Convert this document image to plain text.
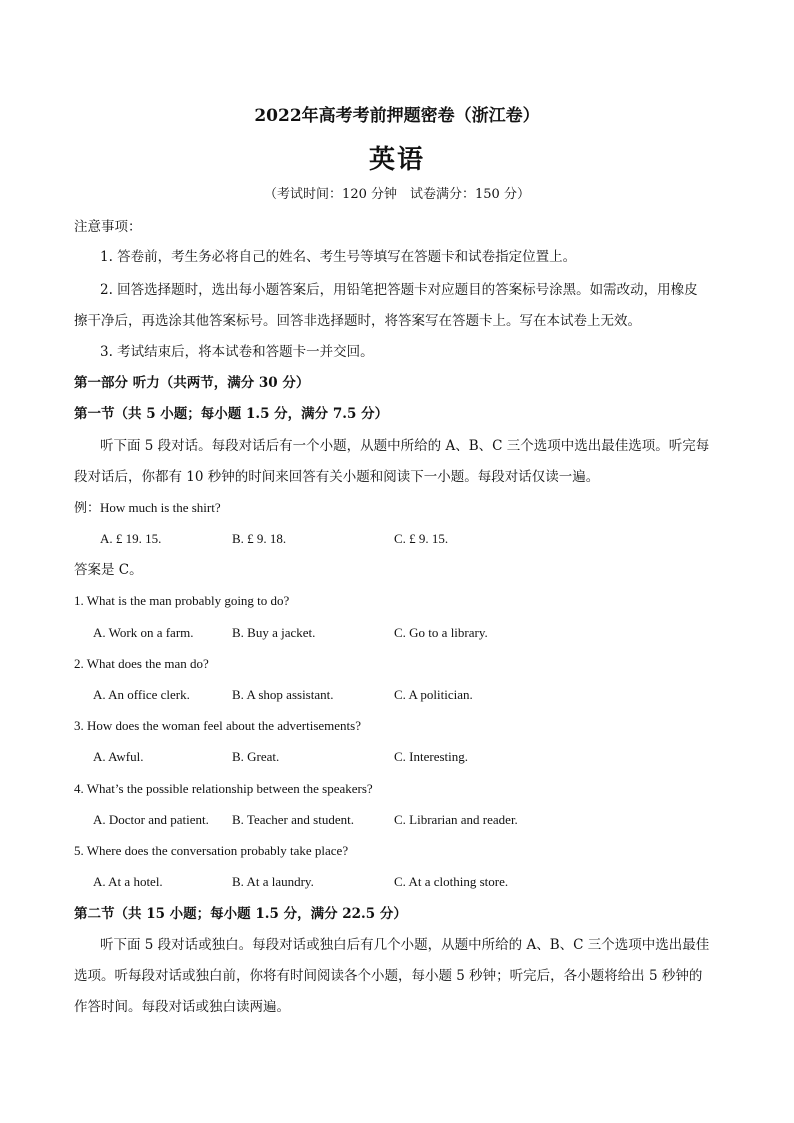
2022年高考考前押题密卷（浙江卷）
英语
（考试时间：120 分钟　试卷满分：150 分）
注意事项：
1. 答卷前，考生务必将自己的姓名、考生号等填写在答题卡和试卷指定位置上。
2. 回答选择题时，选出每小题答案后，用铅笔把答题卡对应题目的答案标号涂黑。如需改动，用橡皮
擦干净后，再选涂其他答案标号。回答非选择题时，将答案写在答题卡上。写在本试卷上无效。
3. 考试结束后，将本试卷和答题卡一并交回。
第一部分 听力（共两节，满分 30 分）
第一节（共 5 小题；每小题 1.5 分，满分 7.5 分）
听下面 5 段对话。每段对话后有一个小题，从题中所给的 A、B、C 三个选项中选出最佳选项。听完每
段对话后，你都有 10 秒钟的时间来回答有关小题和阅读下一小题。每段对话仅读一遍。
例：How much is the shirt?
A. £ 19. 15.	B. £ 9. 18.	C. £ 9. 15.
答案是 C。
1. What is the man probably going to do?
A. Work on a farm.	B. Buy a jacket.	C. Go to a library.
2. What does the man do?
A. An office clerk.	B. A shop assistant.	C. A politician.
3. How does the woman feel about the advertisements?
A. Awful.	B. Great.	C. Interesting.
4. What’s the possible relationship between the speakers?
A. Doctor and patient. B. Teacher and student.	C. Librarian and reader.
5. Where does the conversation probably take place?
A. At a hotel.	B. At a laundry.	C. At a clothing store.
第二节（共 15 小题；每小题 1.5 分，满分 22.5 分）
听下面 5 段对话或独白。每段对话或独白后有几个小题，从题中所给的 A、B、C 三个选项中选出最佳
选项。听每段对话或独白前，你将有时间阅读各个小题，每小题 5 秒钟；听完后，各小题将给出 5 秒钟的
作答时间。每段对话或独白读两遍。
